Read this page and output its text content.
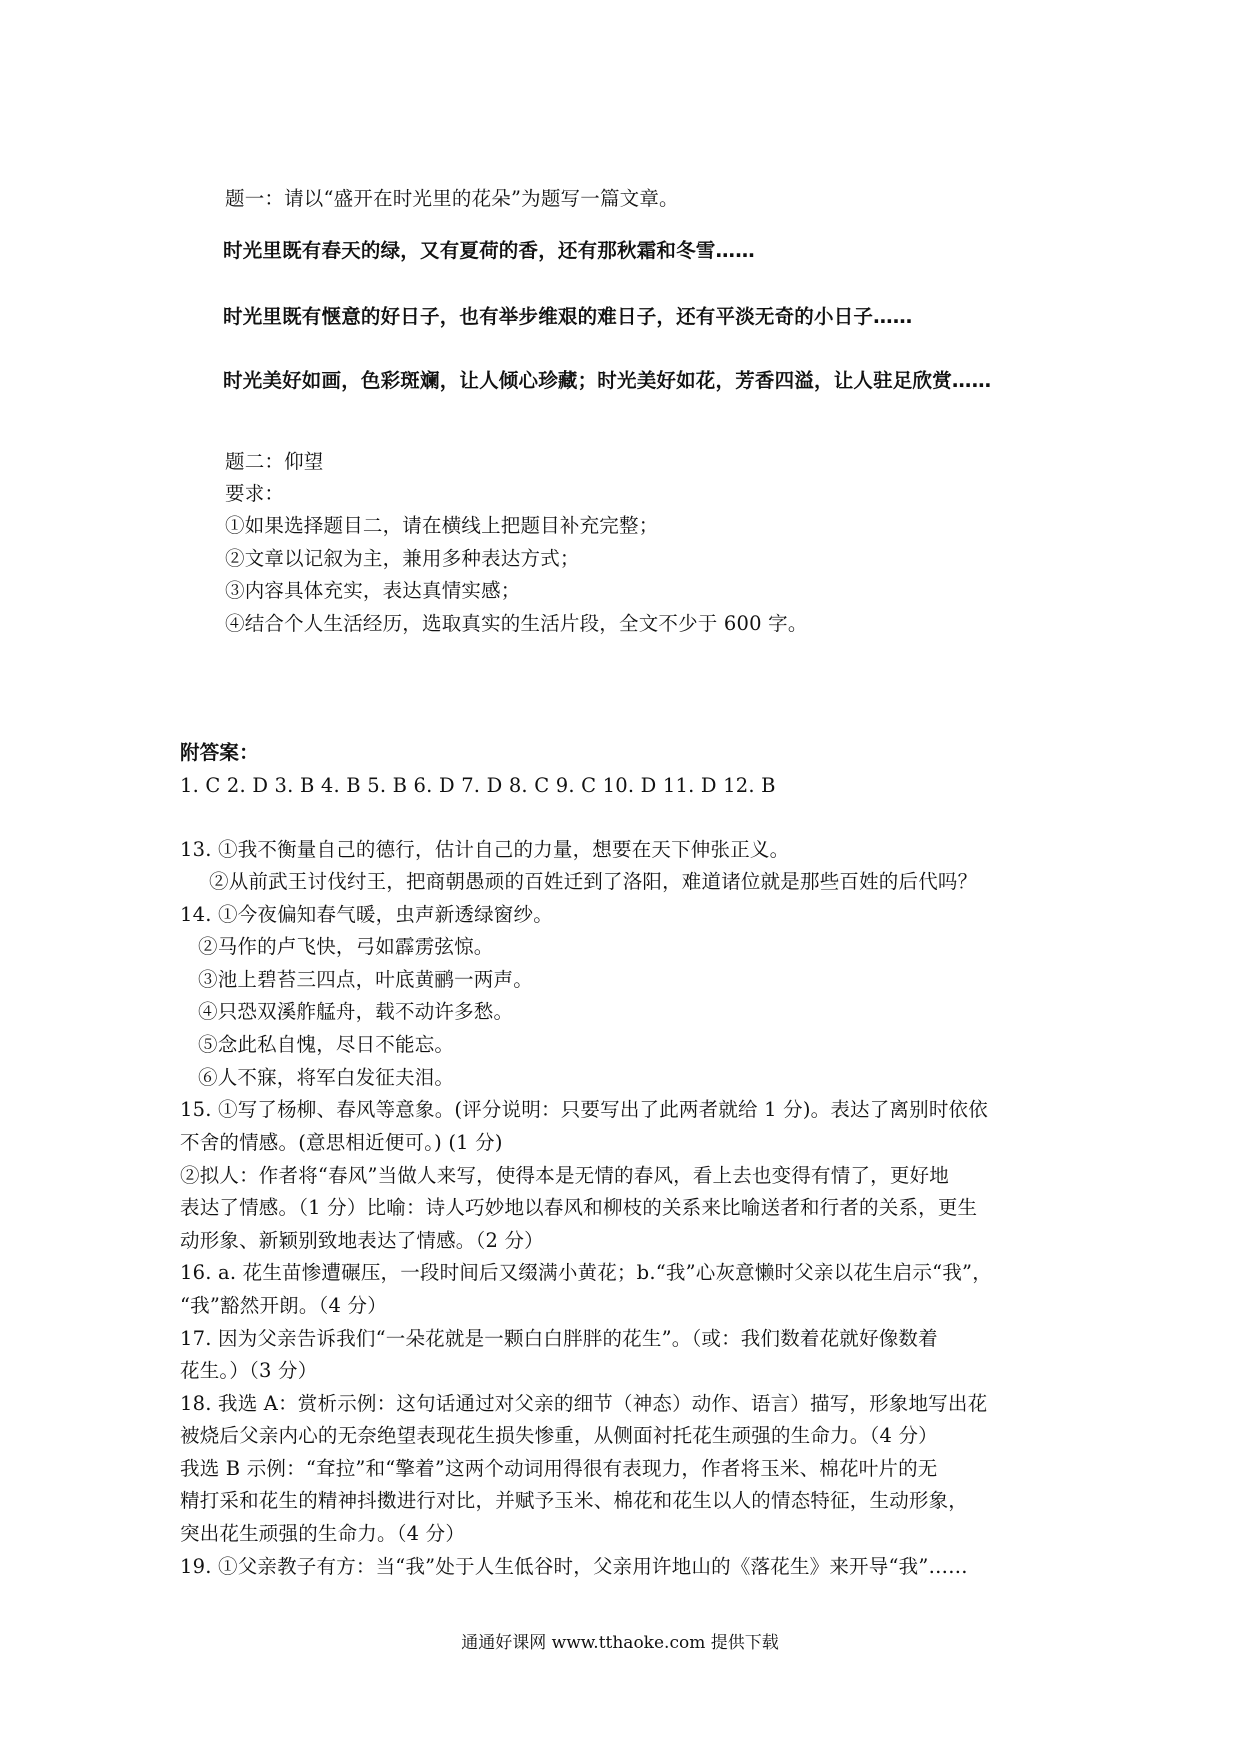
题一：请以“盛开在时光里的花朵”为题写一篇文章。
时光里既有春天的绿，又有夏荷的香，还有那秋霜和冬雪……
时光里既有惬意的好日子，也有举步维艰的难日子，还有平淡无奇的小日子……
时光美好如画，色彩斑斓，让人倾心珍藏；时光美好如花，芳香四溢，让人驻足欣赏……
题二：仰望
要求：
①如果选择题目二，请在横线上把题目补充完整；
②文章以记叙为主，兼用多种表达方式；
③内容具体充实，表达真情实感；
④结合个人生活经历，选取真实的生活片段，全文不少于 600 字。
附答案：
1. C 2. D 3. B 4. B 5. B 6. D 7. D 8. C 9. C 10. D 11. D 12. B
13. ①我不衡量自己的德行，估计自己的力量，想要在天下伸张正义。
②从前武王讨伐纣王，把商朝愚顽的百姓迁到了洛阳，难道诸位就是那些百姓的后代吗？
14. ①今夜偏知春气暖，虫声新透绿窗纱。
②马作的卢飞快，弓如霹雳弦惊。
③池上碧苔三四点，叶底黄鹂一两声。
④只恐双溪舴艋舟，载不动许多愁。
⑤念此私自愧，尽日不能忘。
⑥人不寐，将军白发征夫泪。
15. ①写了杨柳、春风等意象。(评分说明：只要写出了此两者就给 1 分)。表达了离别时依依
不舍的情感。(意思相近便可。) (1 分)
②拟人：作者将“春风”当做人来写，使得本是无情的春风，看上去也变得有情了，更好地
表达了情感。（1 分）比喻：诗人巧妙地以春风和柳枝的关系来比喻送者和行者的关系，更生
动形象、新颖别致地表达了情感。（2 分）
16. a. 花生苗惨遭碾压，一段时间后又缀满小黄花；b.“我”心灰意懒时父亲以花生启示“我”，
“我”豁然开朗。（4 分）
17. 因为父亲告诉我们“一朵花就是一颗白白胖胖的花生”。（或：我们数着花就好像数着
花生。）（3 分）
18. 我选 A：赏析示例：这句话通过对父亲的细节（神态）动作、语言）描写，形象地写出花
被烧后父亲内心的无奈绝望表现花生损失惨重，从侧面衬托花生顽强的生命力。（4 分）
我选 B 示例：“耷拉”和“擎着”这两个动词用得很有表现力，作者将玉米、棉花叶片的无
精打采和花生的精神抖擞进行对比，并赋予玉米、棉花和花生以人的情态特征，生动形象，
突出花生顽强的生命力。（4 分）
19. ①父亲教子有方：当“我”处于人生低谷时，父亲用许地山的《落花生》来开导“我”……
通通好课网 www.tthaoke.com 提供下载
